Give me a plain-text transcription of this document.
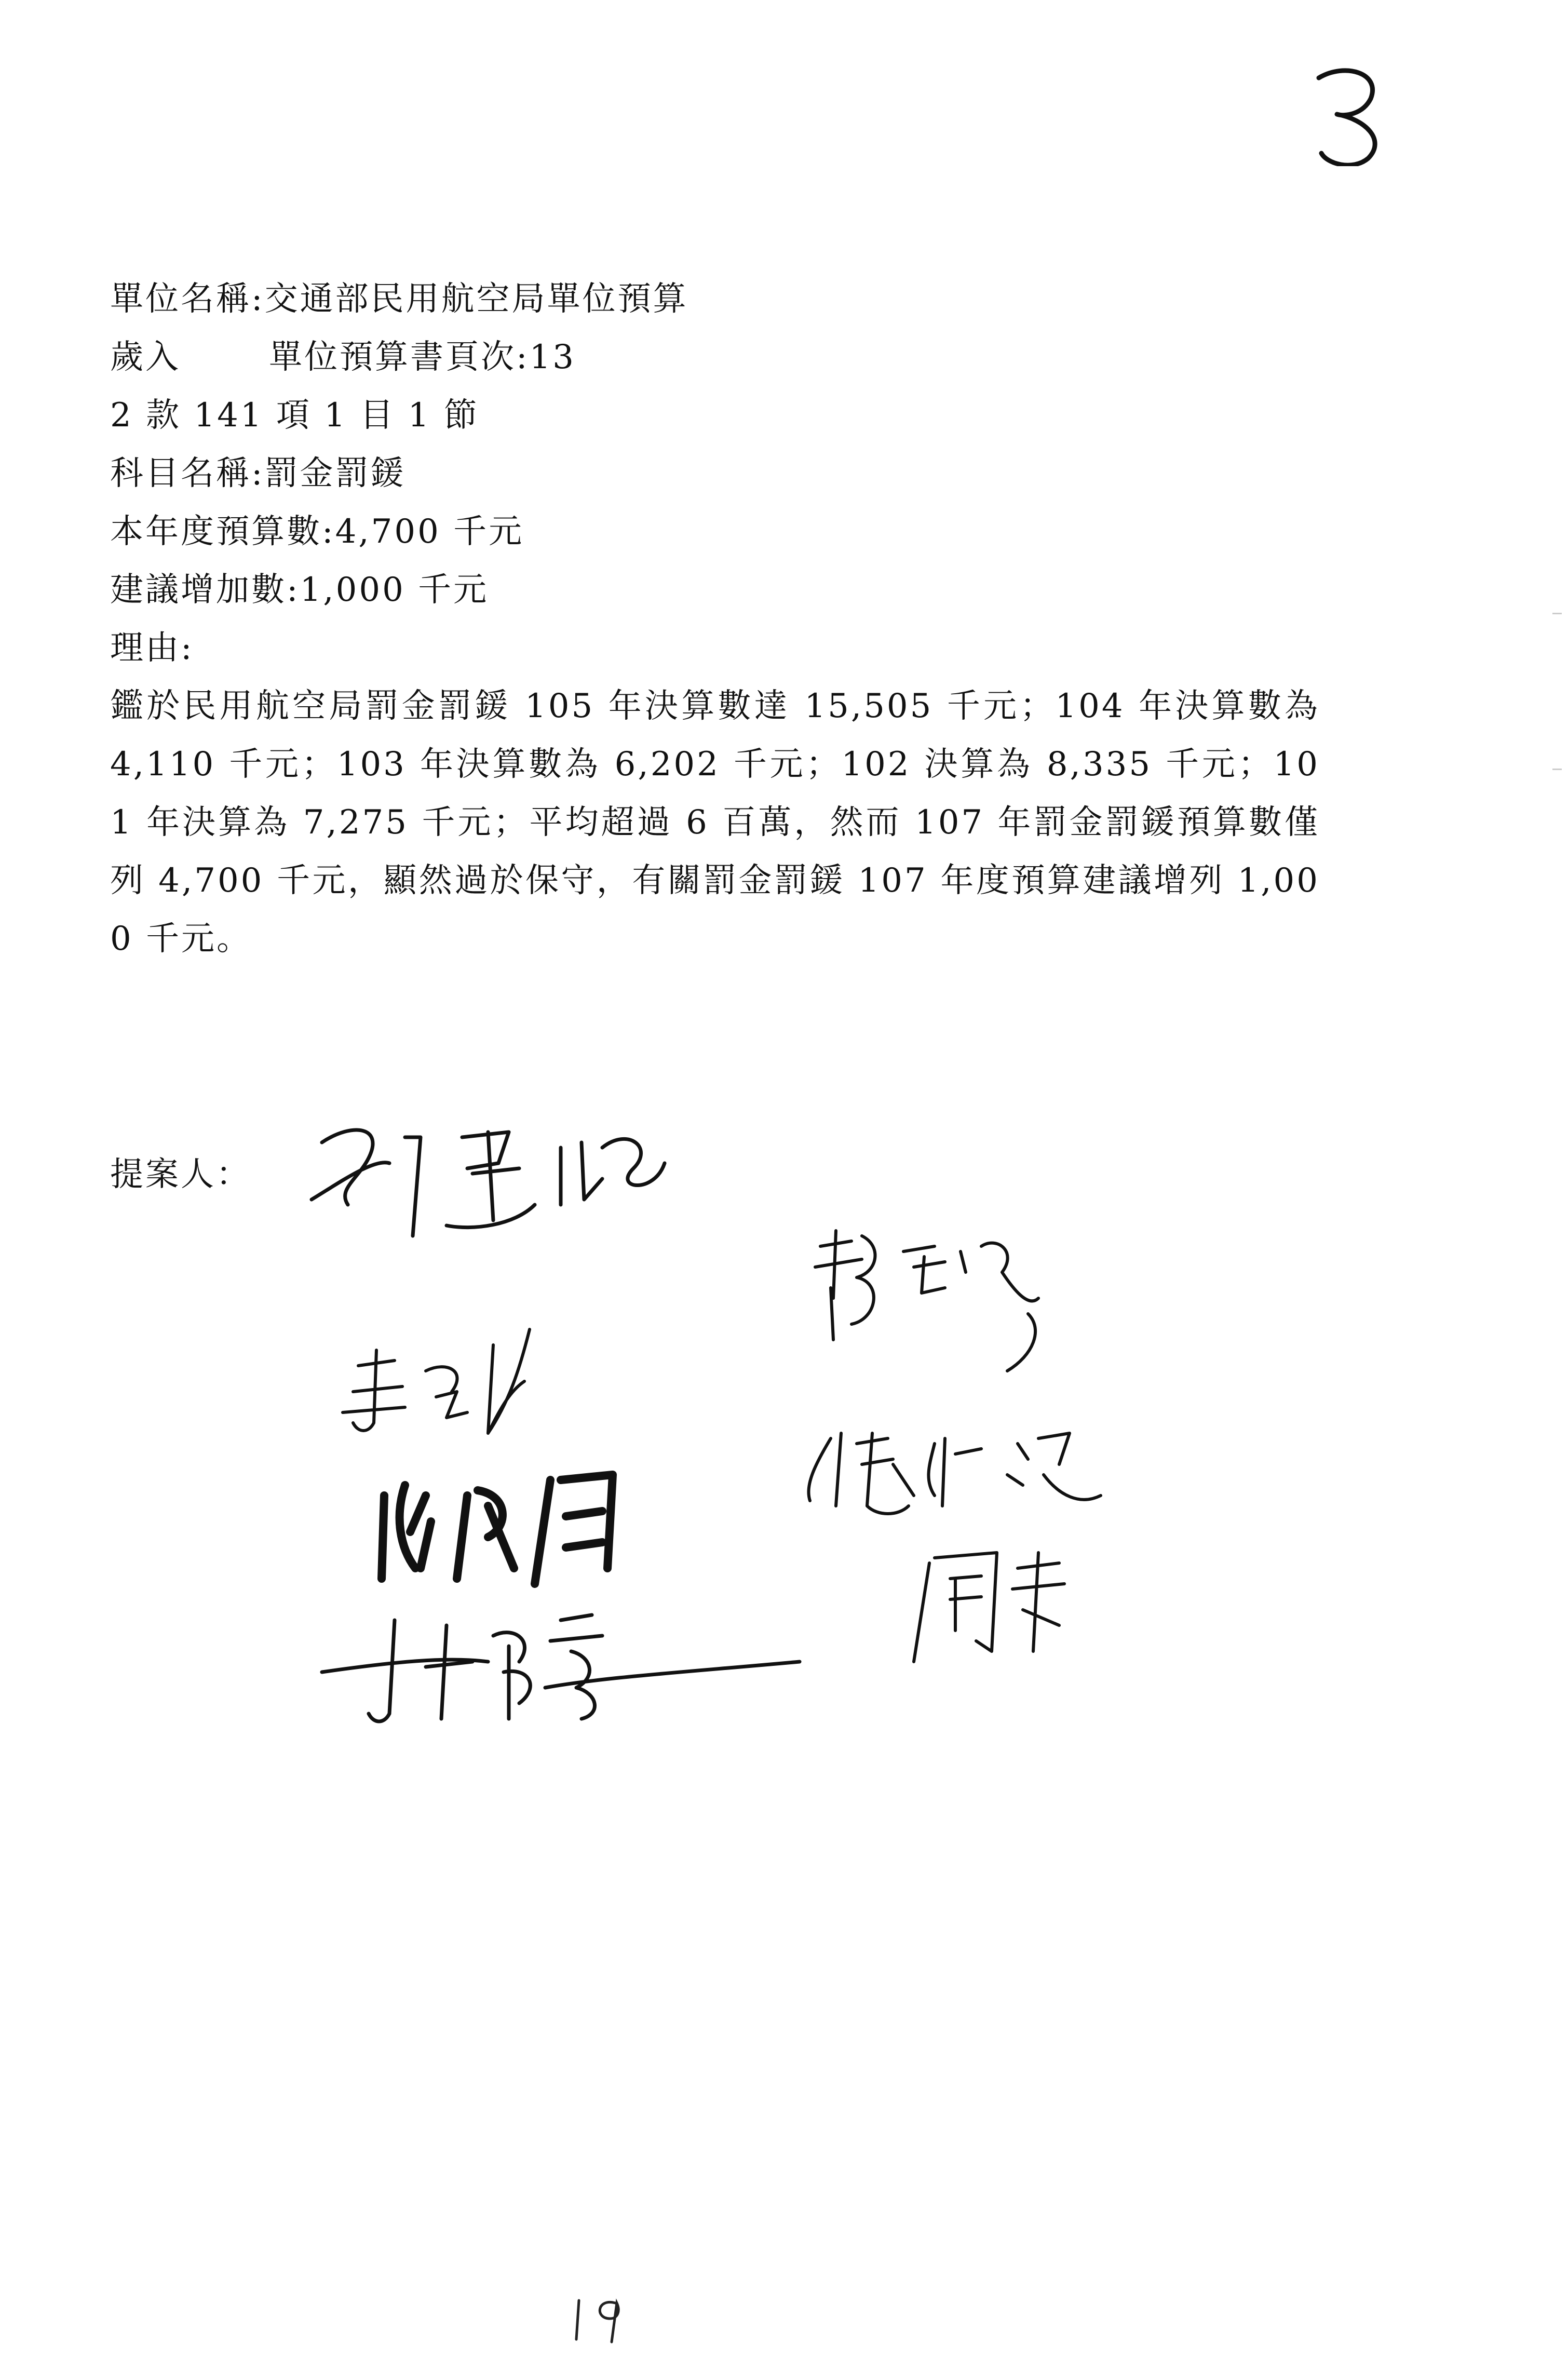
單位名稱:交通部民用航空局單位預算
歲入	單位預算書頁次:13
2 款 141 項 1 目 1 節
科目名稱:罰金罰鍰
本年度預算數:4,700 千元
建議增加數:1,000 千元
理由:
鑑於民用航空局罰金罰鍰 105 年決算數達 15,505 千元；104 年決算數為 4,110 千元；103 年決算數為 6,202 千元；102 決算為 8,335 千元；101 年決算為 7,275 千元；平均超過 6 百萬，然而 107 年罰金罰鍰預算數僅列 4,700 千元，顯然過於保守，有關罰金罰鍰 107 年度預算建議增列 1,000 千元。
提案人：
